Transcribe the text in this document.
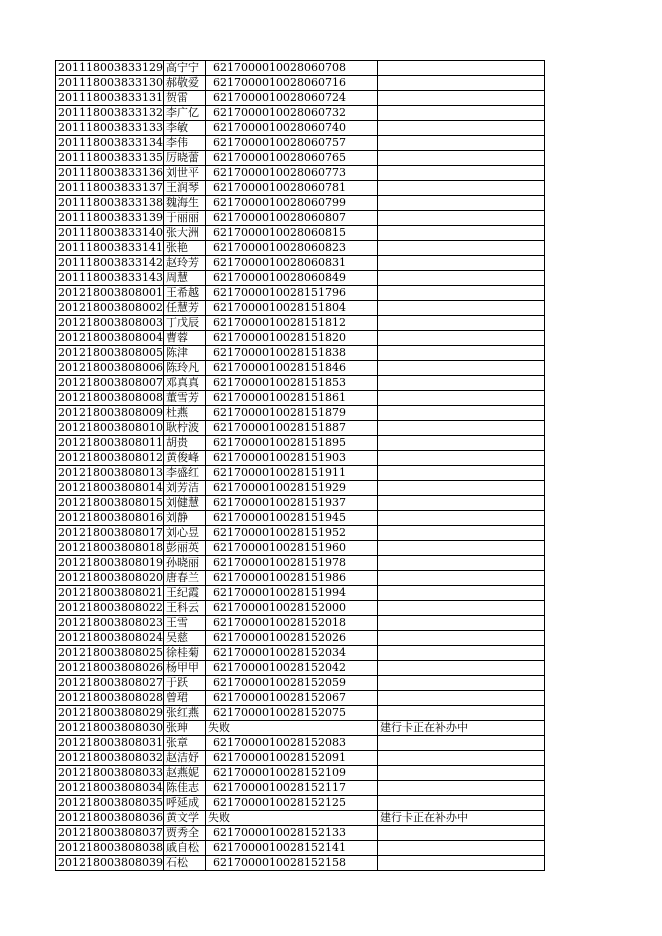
201118003833129	高宁宁	6217000010028060708	
201118003833130	郝敬爱	6217000010028060716	
201118003833131	贺雷	6217000010028060724	
201118003833132	李广亿	6217000010028060732	
201118003833133	李敏	6217000010028060740	
201118003833134	李伟	6217000010028060757	
201118003833135	厉晓蕾	6217000010028060765	
201118003833136	刘世平	6217000010028060773	
201118003833137	王润琴	6217000010028060781	
201118003833138	魏海生	6217000010028060799	
201118003833139	于丽丽	6217000010028060807	
201118003833140	张大洲	6217000010028060815	
201118003833141	张艳	6217000010028060823	
201118003833142	赵玲芳	6217000010028060831	
201118003833143	周慧	6217000010028060849	
201218003808001	王希越	6217000010028151796	
201218003808002	任慧芳	6217000010028151804	
201218003808003	丁戊辰	6217000010028151812	
201218003808004	曹蓉	6217000010028151820	
201218003808005	陈津	6217000010028151838	
201218003808006	陈玲凡	6217000010028151846	
201218003808007	邓真真	6217000010028151853	
201218003808008	董雪芳	6217000010028151861	
201218003808009	杜燕	6217000010028151879	
201218003808010	耿柠波	6217000010028151887	
201218003808011	胡贵	6217000010028151895	
201218003808012	黄俊峰	6217000010028151903	
201218003808013	李盛红	6217000010028151911	
201218003808014	刘芳洁	6217000010028151929	
201218003808015	刘健慧	6217000010028151937	
201218003808016	刘静	6217000010028151945	
201218003808017	刘心昱	6217000010028151952	
201218003808018	彭丽英	6217000010028151960	
201218003808019	孙晓丽	6217000010028151978	
201218003808020	唐春兰	6217000010028151986	
201218003808021	王纪霞	6217000010028151994	
201218003808022	王科云	6217000010028152000	
201218003808023	王雪	6217000010028152018	
201218003808024	吴慈	6217000010028152026	
201218003808025	徐桂菊	6217000010028152034	
201218003808026	杨甲甲	6217000010028152042	
201218003808027	于跃	6217000010028152059	
201218003808028	曾珺	6217000010028152067	
201218003808029	张红燕	6217000010028152075	
201218003808030	张珅	失败	建行卡正在补办中
201218003808031	张章	6217000010028152083	
201218003808032	赵洁妤	6217000010028152091	
201218003808033	赵燕妮	6217000010028152109	
201218003808034	陈佳志	6217000010028152117	
201218003808035	呼延成	6217000010028152125	
201218003808036	黄文学	失败	建行卡正在补办中
201218003808037	贾秀全	6217000010028152133	
201218003808038	戚自松	6217000010028152141	
201218003808039	石松	6217000010028152158	
